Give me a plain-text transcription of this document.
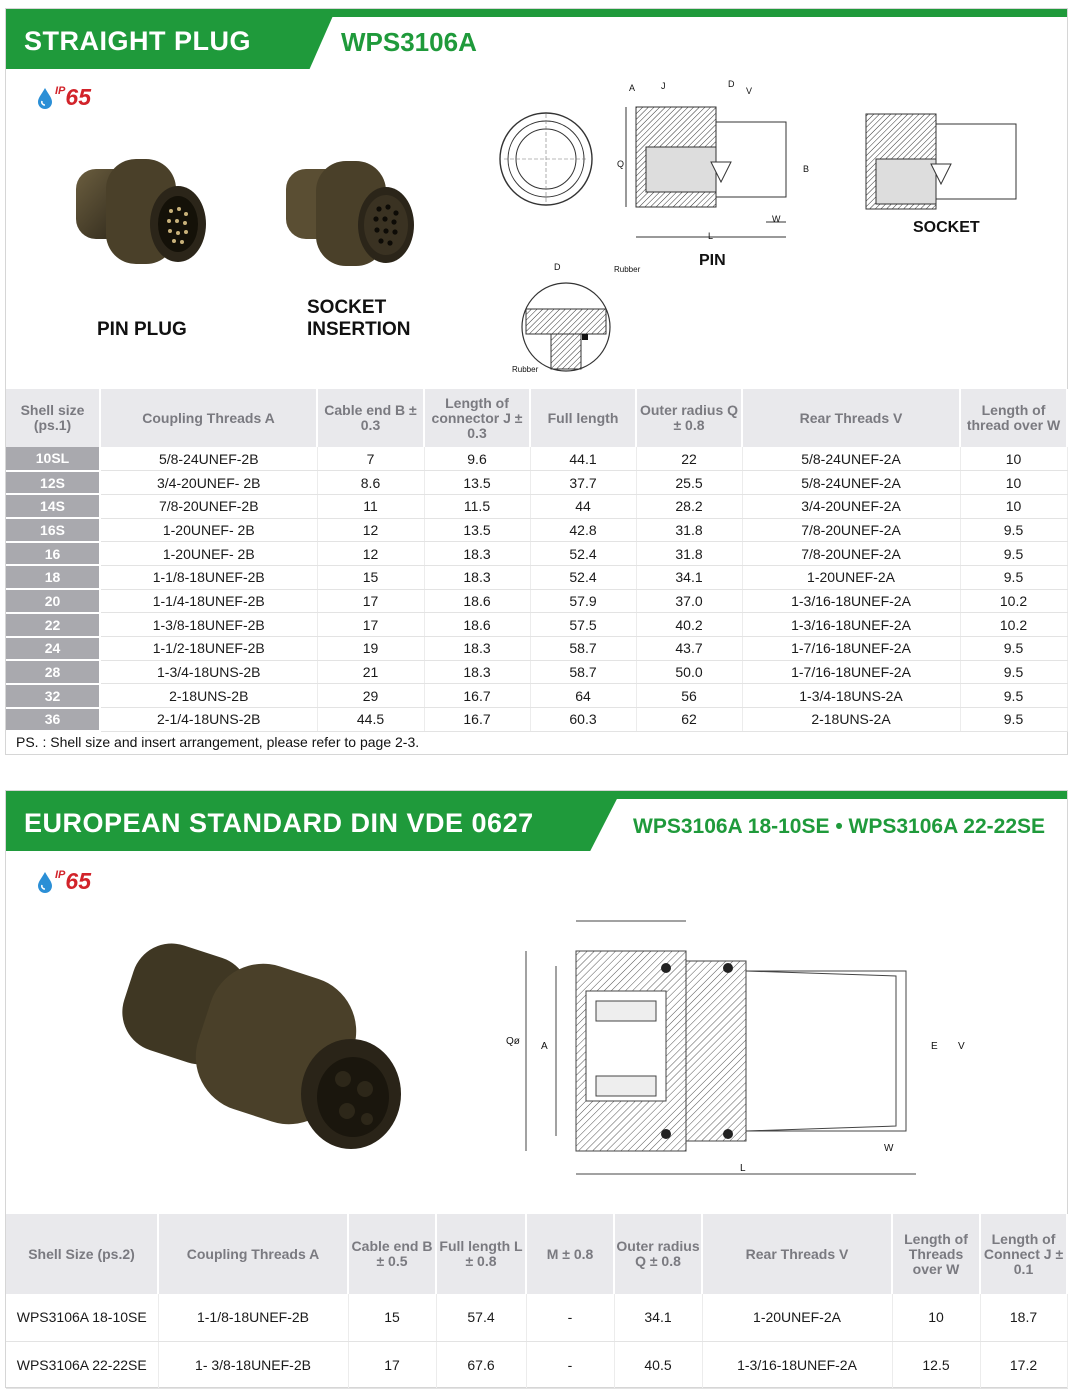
STRAIGHT PLUG	WPS3106A
IP 65
PIN PLUG
SOCKET
INSERTION
A	J	D
V
Q	B
W
L
PIN
SOCKET
D	Rubber
Rubber
Shell size (ps.1)	Coupling Threads A	Cable end B ± 0.3	Length of connector J ± 0.3	Full length	Outer radius Q ± 0.8	Rear Threads V	Length of thread over W
10SL	5/8-24UNEF-2B	7	9.6	44.1	22	5/8-24UNEF-2A	10
12S	3/4-20UNEF- 2B	8.6	13.5	37.7	25.5	5/8-24UNEF-2A	10
14S	7/8-20UNEF-2B	11	11.5	44	28.2	3/4-20UNEF-2A	10
16S	1-20UNEF- 2B	12	13.5	42.8	31.8	7/8-20UNEF-2A	9.5
16	1-20UNEF- 2B	12	18.3	52.4	31.8	7/8-20UNEF-2A	9.5
18	1-1/8-18UNEF-2B	15	18.3	52.4	34.1	1-20UNEF-2A	9.5
20	1-1/4-18UNEF-2B	17	18.6	57.9	37.0	1-3/16-18UNEF-2A	10.2
22	1-3/8-18UNEF-2B	17	18.6	57.5	40.2	1-3/16-18UNEF-2A	10.2
24	1-1/2-18UNEF-2B	19	18.3	58.7	43.7	1-7/16-18UNEF-2A	9.5
28	1-3/4-18UNS-2B	21	18.3	58.7	50.0	1-7/16-18UNEF-2A	9.5
32	2-18UNS-2B	29	16.7	64	56	1-3/4-18UNS-2A	9.5
36	2-1/4-18UNS-2B	44.5	16.7	60.3	62	2-18UNS-2A	9.5
PS. : Shell size and insert arrangement, please refer to page 2-3.
EUROPEAN STANDARD DIN VDE 0627	WPS3106A 18-10SE • WPS3106A 22-22SE
IP 65
Qø A	E V
W
L
Shell Size (ps.2)	Coupling Threads A	Cable end B ± 0.5	Full length L ± 0.8	M ± 0.8	Outer radius Q ± 0.8	Rear Threads V	Length of Threads over W	Length of Connect J ± 0.1
WPS3106A 18-10SE	1-1/8-18UNEF-2B	15	57.4	-	34.1	1-20UNEF-2A	10	18.7
WPS3106A 22-22SE	1- 3/8-18UNEF-2B	17	67.6	-	40.5	1-3/16-18UNEF-2A	12.5	17.2
